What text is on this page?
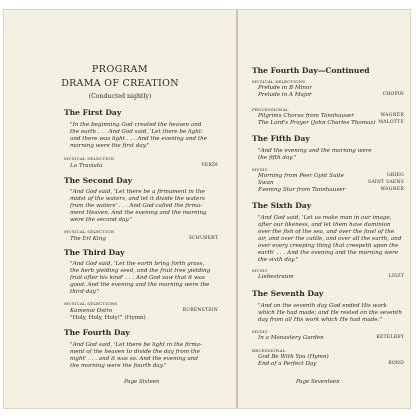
PROGRAM
DRAMA OF CREATION
(Conducted nightly)
The First Day
"In the beginning God created the heaven and
the earth . . . And God said, 'Let there be light:
and there was light . . . And the evening and the
morning were the first day."
MUSICAL SELECTION
La Traviata	VERDI
The Second Day
"And God said, 'Let there be a firmament in the
midst of the waters, and let it divide the waters
from the waters' . . . And God called the firma-
ment Heaven. And the evening and the morning
were the second day."
MUSICAL SELECTION
The Erl King	SCHUBERT
The Third Day
"And God said, 'Let the earth bring forth grass,
the herb yielding seed, and the fruit tree yielding
fruit after his kind' . . . And God saw that it was
good. And the evening and the morning were the
third day."
MUSICAL SELECTIONS
Kamenoi Ostro	RUBENSTEIN
"Holy, Holy, Holy!" (Hymn)
The Fourth Day
"And God said, 'Let there be light in the firma-
ment of the heaven to divide the day from the
night' . . . and it was so. And the evening and
the morning were the fourth day."
Page Sixteen
The Fourth Day—Continued
MUSICAL SELECTIONS
Prelude in B Minor
Prelude in A Major	CHOPIN
PROCESSIONAL
Pilgrims Chorus from Tannhauser	WAGNER
The Lord's Prayer (John Charles Thomas) MALOTTE
The Fifth Day
"And the evening and the morning were
the fifth day."
MUSIC
Morning from Peer Gynt Suite	GRIEG
Swan	SAINT SAENS
Evening Star from Tannhauser	WAGNER
The Sixth Day
"And God said, 'Let us make man in our image,
after our likeness, and let them have dominion
over the fish of the sea, and over the fowl of the
air, and over the cattle, and over all the earth, and
over every creeping thing that creepeth upon the
earth' . . . And the evening and the morning were
the sixth day."
MUSIC
Liebestraum	LISZT
The Seventh Day
"And on the seventh day God ended His work
which He had made; and He rested on the seventh
day from all His work which He had made."
MUSIC
In a Monastery Garden	KETELBEY
RECESSIONAL
God Be With You (Hymn)
End of a Perfect Day	BOND
Page Seventeen
